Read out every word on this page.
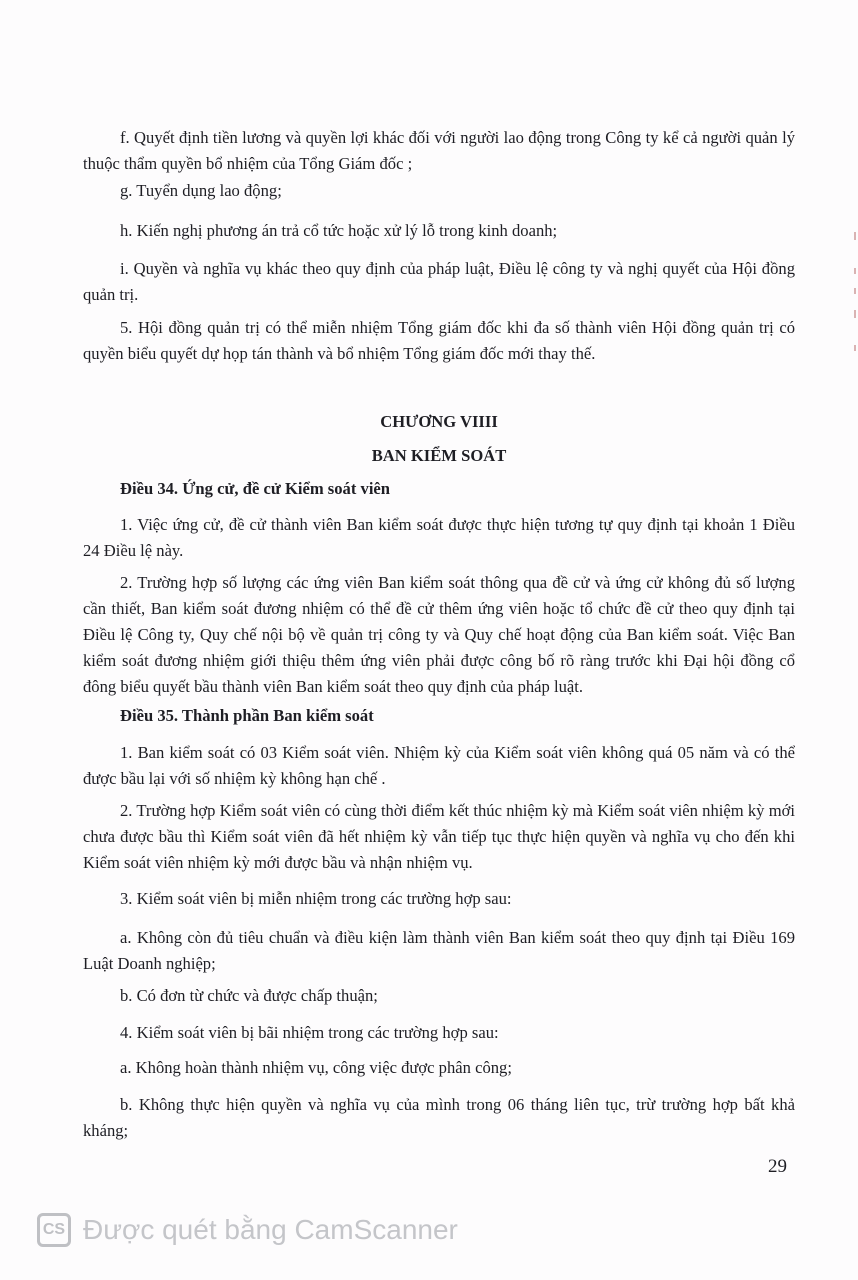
f. Quyết định tiền lương và quyền lợi khác đối với người lao động trong Công ty kể cả người quản lý thuộc thẩm quyền bổ nhiệm của Tổng Giám đốc ;

g. Tuyển dụng lao động;

h. Kiến nghị phương án trả cổ tức hoặc xử lý lỗ trong kinh doanh;

i. Quyền và nghĩa vụ khác theo quy định của pháp luật, Điều lệ công ty và nghị quyết của Hội đồng quản trị.

5. Hội đồng quản trị có thể miễn nhiệm Tổng giám đốc khi đa số thành viên Hội đồng quản trị có quyền biểu quyết dự họp tán thành và bổ nhiệm Tổng giám đốc mới thay thế.

CHƯƠNG VIIII

BAN KIỂM SOÁT

Điều 34. Ứng cử, đề cử Kiểm soát viên

1. Việc ứng cử, đề cử thành viên Ban kiểm soát được thực hiện tương tự quy định tại khoản 1 Điều 24 Điều lệ này.

2. Trường hợp số lượng các ứng viên Ban kiểm soát thông qua đề cử và ứng cử không đủ số lượng cần thiết, Ban kiểm soát đương nhiệm có thể đề cử thêm ứng viên hoặc tổ chức đề cử theo quy định tại Điều lệ Công ty, Quy chế nội bộ về quản trị công ty và Quy chế hoạt động của Ban kiểm soát. Việc Ban kiểm soát đương nhiệm giới thiệu thêm ứng viên phải được công bố rõ ràng trước khi Đại hội đồng cổ đông biểu quyết bầu thành viên Ban kiểm soát theo quy định của pháp luật.

Điều 35. Thành phần Ban kiểm soát

1. Ban kiểm soát có 03 Kiểm soát viên. Nhiệm kỳ của Kiểm soát viên không quá 05 năm và có thể được bầu lại với số nhiệm kỳ không hạn chế .

2. Trường hợp Kiểm soát viên có cùng thời điểm kết thúc nhiệm kỳ mà Kiểm soát viên nhiệm kỳ mới chưa được bầu thì Kiểm soát viên đã hết nhiệm kỳ vẫn tiếp tục thực hiện quyền và nghĩa vụ cho đến khi Kiểm soát viên nhiệm kỳ mới được bầu và nhận nhiệm vụ.

3. Kiểm soát viên bị miễn nhiệm trong các trường hợp sau:

a. Không còn đủ tiêu chuẩn và điều kiện làm thành viên Ban kiểm soát theo quy định tại Điều 169 Luật Doanh nghiệp;

b. Có đơn từ chức và được chấp thuận;

4. Kiểm soát viên bị bãi nhiệm trong các trường hợp sau:

a. Không hoàn thành nhiệm vụ, công việc được phân công;

b. Không thực hiện quyền và nghĩa vụ của mình trong 06 tháng liên tục, trừ trường hợp bất khả kháng;

29

CS Được quét bằng CamScanner
